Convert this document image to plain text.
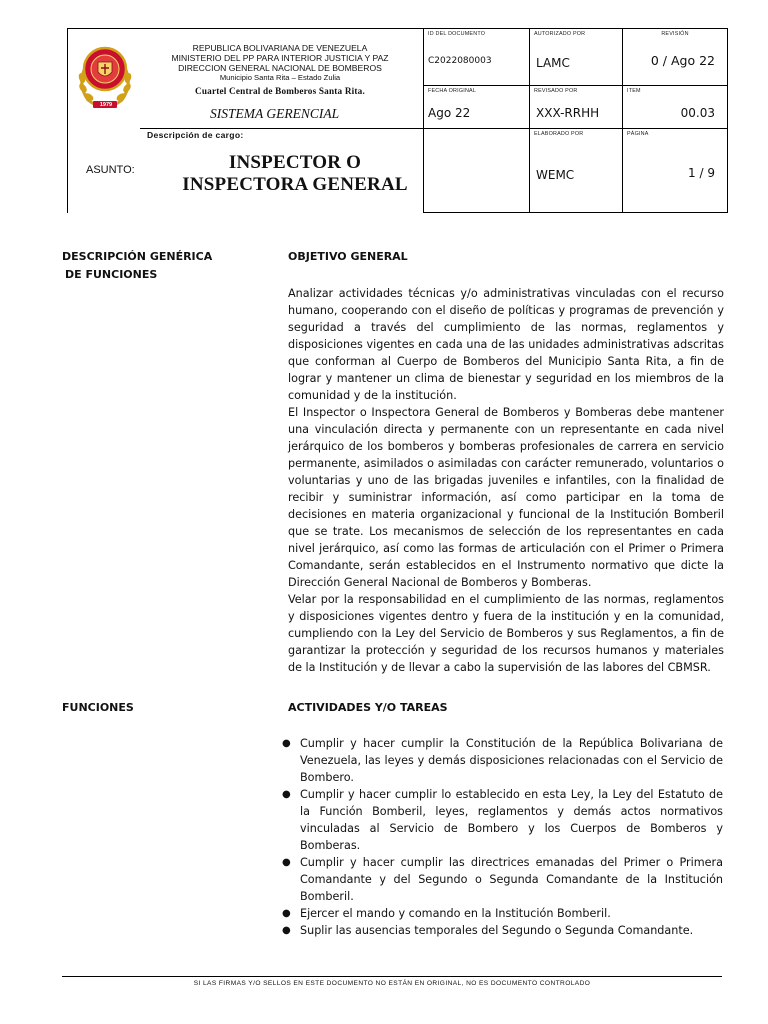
1979
REPUBLICA BOLIVARIANA DE VENEZUELA
MINISTERIO DEL PP PARA INTERIOR JUSTICIA Y PAZ
DIRECCION GENERAL NACIONAL DE BOMBEROS
Municipio Santa Rita – Estado Zulia
Cuartel Central de Bomberos Santa Rita.
SISTEMA GERENCIAL
Descripción de cargo:
ASUNTO:	INSPECTOR O INSPECTORA GENERAL
ID DEL DOCUMENTO
C2022080003
AUTORIZADO POR
LAMC
REVISIÓN
0 / Ago 22
FECHA ORIGINAL
Ago 22
REVISADO POR
XXX-RRHH
ITEM
00.03
ELABORADO POR
WEMC
PÁGINA
1 / 9
DESCRIPCIÓN GENÉRICA
DE FUNCIONES
OBJETIVO GENERAL

Analizar actividades técnicas y/o administrativas vinculadas con el recurso humano, cooperando con el diseño de políticas y programas de prevención y seguridad a través del cumplimiento de las normas, reglamentos y disposiciones vigentes en cada una de las unidades administrativas adscritas que conforman al Cuerpo de Bomberos del Municipio Santa Rita, a fin de lograr y mantener un clima de bienestar y seguridad en los miembros de la comunidad y de la institución.

El Inspector o Inspectora General de Bomberos y Bomberas debe mantener una vinculación directa y permanente con un representante en cada nivel jerárquico de los bomberos y bomberas profesionales de carrera en servicio permanente, asimilados o asimiladas con carácter remunerado, voluntarios o voluntarias y uno de las brigadas juveniles e infantiles, con la finalidad de recibir y suministrar información, así como participar en la toma de decisiones en materia organizacional y funcional de la Institución Bomberil que se trate. Los mecanismos de selección de los representantes en cada nivel jerárquico, así como las formas de articulación con el Primer o Primera Comandante, serán establecidos en el Instrumento normativo que dicte la Dirección General Nacional de Bomberos y Bomberas.

Velar por la responsabilidad en el cumplimiento de las normas, reglamentos y disposiciones vigentes dentro y fuera de la institución y en la comunidad, cumpliendo con la Ley del Servicio de Bomberos y sus Reglamentos, a fin de garantizar la protección y seguridad de los recursos humanos y materiales de la Institución y de llevar a cabo la supervisión de las labores del CBMSR.

FUNCIONES	ACTIVIDADES Y/O TAREAS
● Cumplir y hacer cumplir la Constitución de la República Bolivariana de Venezuela, las leyes y demás disposiciones relacionadas con el Servicio de Bombero.
● Cumplir y hacer cumplir lo establecido en esta Ley, la Ley del Estatuto de la Función Bomberil, leyes, reglamentos y demás actos normativos vinculadas al Servicio de Bombero y los Cuerpos de Bomberos y Bomberas.
● Cumplir y hacer cumplir las directrices emanadas del Primer o Primera Comandante y del Segundo o Segunda Comandante de la Institución Bomberil.
● Ejercer el mando y comando en la Institución Bomberil.
● Suplir las ausencias temporales del Segundo o Segunda Comandante.
SI LAS FIRMAS Y/O SELLOS EN ESTE DOCUMENTO NO ESTÁN EN ORIGINAL, NO ES DOCUMENTO CONTROLADO
